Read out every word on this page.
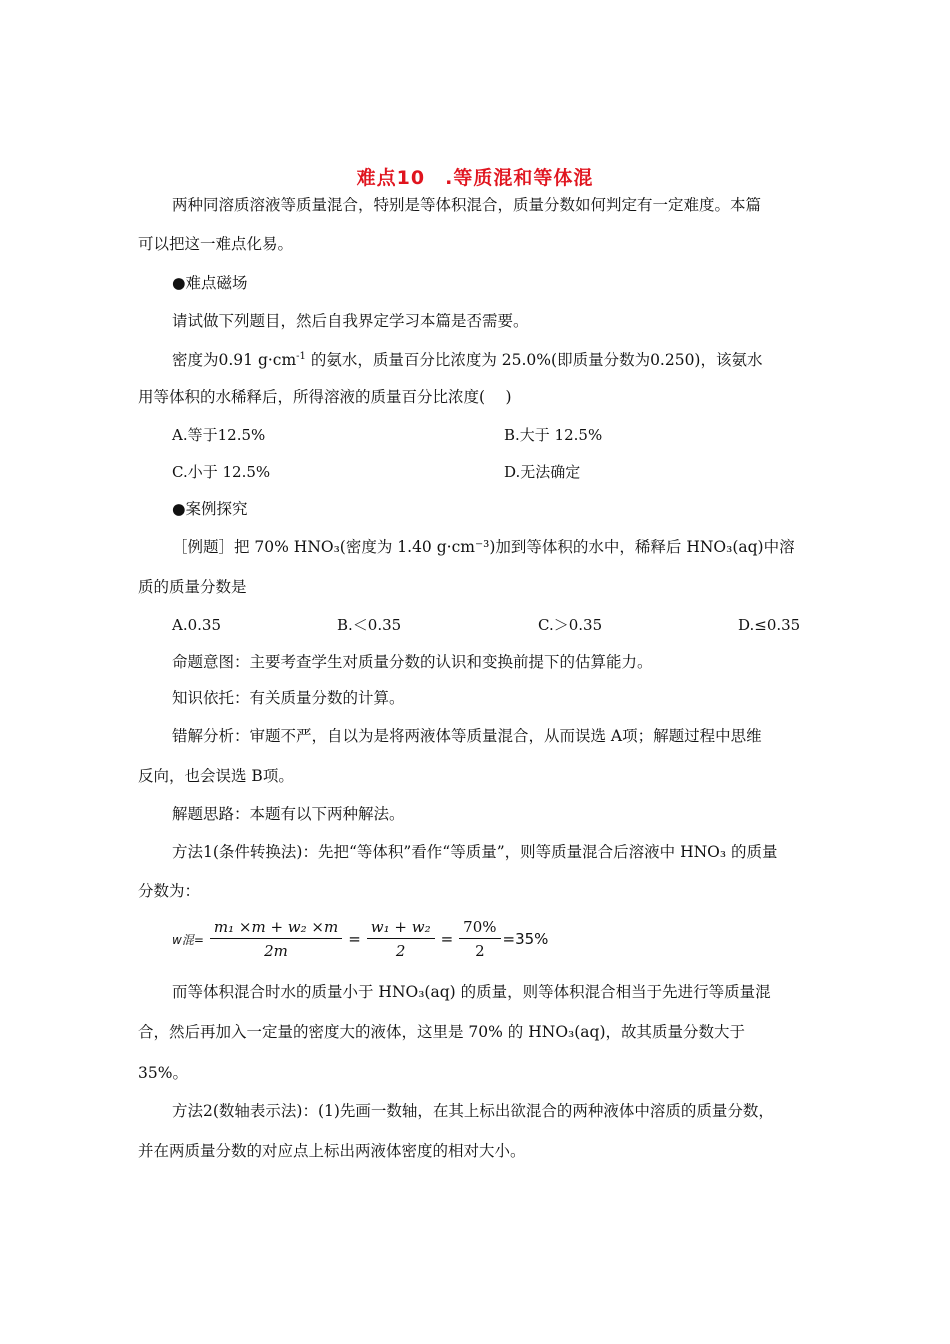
难点10　.等质混和等体混
两种同溶质溶液等质量混合，特别是等体积混合，质量分数如何判定有一定难度。本篇
可以把这一难点化易。
●难点磁场
请试做下列题目，然后自我界定学习本篇是否需要。
密度为0.91 $g\cdot cm^{-1}$ 的氨水，质量百分比浓度为 25.0%(即质量分数为0.250)，该氨水
用等体积的水稀释后，所得溶液的质量百分比浓度(　 )
A.等于12.5%	B.大于 12.5%
C.小于 12.5%	D.无法确定
●案例探究
［例题］把 70% HNO₃(密度为 1.40 g·cm⁻³)加到等体积的水中，稀释后 HNO₃(aq)中溶
质的质量分数是
A.0.35	B.＜0.35	C.＞0.35	D.≤0.35
命题意图：主要考查学生对质量分数的认识和变换前提下的估算能力。
知识依托：有关质量分数的计算。
错解分析：审题不严，自以为是将两液体等质量混合，从而误选 A项；解题过程中思维
反向，也会误选 B项。
解题思路：本题有以下两种解法。
方法1(条件转换法)：先把“等体积”看作“等质量”，则等质量混合后溶液中 HNO₃ 的质量
分数为：
w混= $\frac{\text{m₁ ×m + w₂ ×m}}{2m} = \frac{\text{w₁ + w₂}}{2} = \frac{70\%}{2} =35\%$
而等体积混合时水的质量小于 HNO₃(aq) 的质量，则等体积混合相当于先进行等质量混
合，然后再加入一定量的密度大的液体，这里是 70% 的 HNO₃(aq)，故其质量分数大于
35%。
方法2(数轴表示法)：(1)先画一数轴，在其上标出欲混合的两种液体中溶质的质量分数，
并在两质量分数的对应点上标出两液体密度的相对大小。
